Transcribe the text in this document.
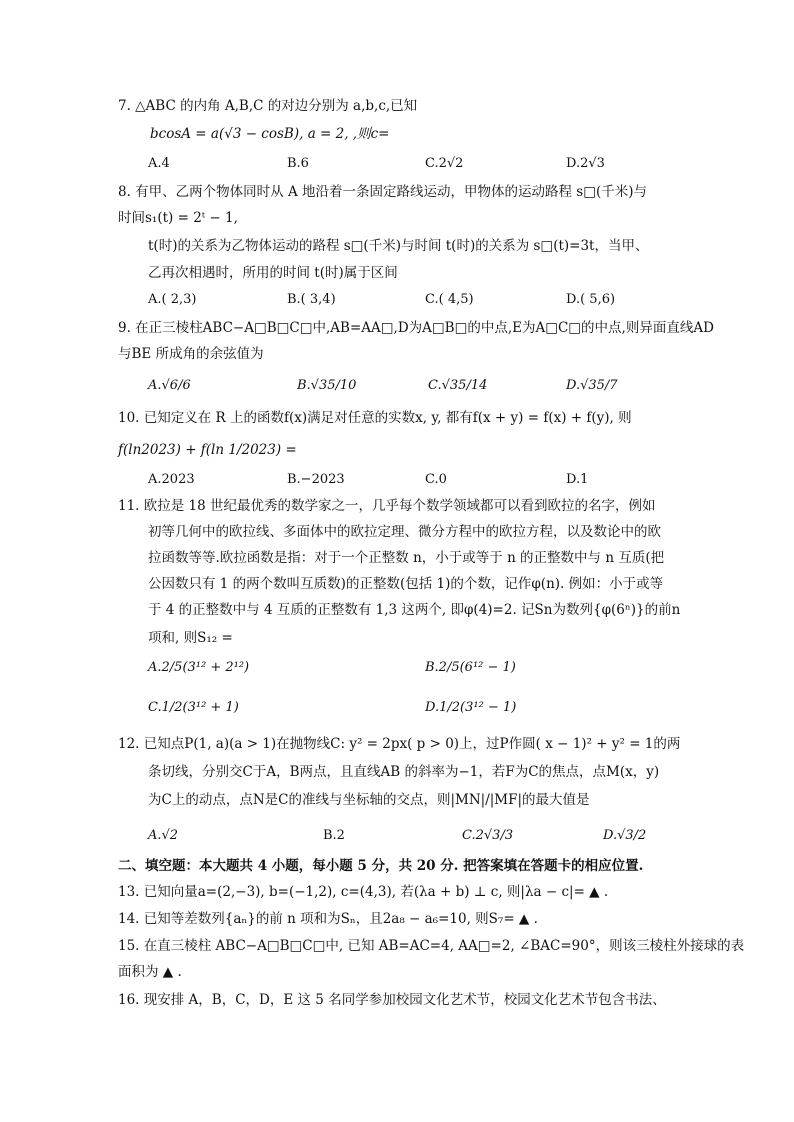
7. △ABC 的内角 A,B,C 的对边分别为 a,b,c,已知
bcosA = a(√3 − cosB), a = 2, ,则c=
A.4	B.6	C.2√2	D.2√3
8. 有甲、乙两个物体同时从 A 地沿着一条固定路线运动，甲物体的运动路程 s□(千米)与
时间s₁(t) = 2ᵗ − 1,
t(时)的关系为乙物体运动的路程 s□(千米)与时间 t(时)的关系为 s□(t)=3t，当甲、
乙再次相遇时，所用的时间 t(时)属于区间
A.( 2,3)	B.( 3,4)	C.( 4,5)	D.( 5,6)
9. 在正三棱柱ABC−A□B□C□中,AB=AA□,D为A□B□的中点,E为A□C□的中点,则异面直线AD
与BE 所成角的余弦值为
A.√6/6	B.√35/10	C.√35/14	D.√35/7
10. 已知定义在 R 上的函数f(x)满足对任意的实数x, y, 都有f(x + y) = f(x) + f(y), 则
f(ln2023) + f(ln 1/2023) =
A.2023	B.−2023	C.0	D.1
11. 欧拉是 18 世纪最优秀的数学家之一，几乎每个数学领域都可以看到欧拉的名字，例如
初等几何中的欧拉线、多面体中的欧拉定理、微分方程中的欧拉方程，以及数论中的欧
拉函数等等.欧拉函数是指：对于一个正整数 n，小于或等于 n 的正整数中与 n 互质(把
公因数只有 1 的两个数叫互质数)的正整数(包括 1)的个数，记作φ(n). 例如：小于或等
于 4 的正整数中与 4 互质的正整数有 1,3 这两个, 即φ(4)=2. 记Sn为数列{φ(6ⁿ)}的前n
项和, 则S₁₂ =
A.2/5(3¹² + 2¹²)	B.2/5(6¹² − 1)
C.1/2(3¹² + 1)	D.1/2(3¹² − 1)
12. 已知点P(1, a)(a > 1)在抛物线C: y² = 2px( p > 0)上，过P作圆( x − 1)² + y² = 1的两
条切线，分别交C于A，B两点，且直线AB 的斜率为−1，若F为C的焦点，点M(x，y)
为C上的动点，点N是C的准线与坐标轴的交点，则|MN|/|MF|的最大值是
A.√2	B.2	C.2√3/3	D.√3/2
二、填空题：本大题共 4 小题，每小题 5 分，共 20 分. 把答案填在答题卡的相应位置.
13. 已知向量a=(2,−3), b=(−1,2), c=(4,3), 若(λa + b) ⊥ c, 则|λa − c|= ▲ .
14. 已知等差数列{aₙ}的前 n 项和为Sₙ，且2a₈ − a₆=10, 则S₇= ▲ .
15. 在直三棱柱 ABC−A□B□C□中, 已知 AB=AC=4, AA□=2, ∠BAC=90°，则该三棱柱外接球的表
面积为 ▲ .
16. 现安排 A，B，C，D，E 这 5 名同学参加校园文化艺术节，校园文化艺术节包含书法、
